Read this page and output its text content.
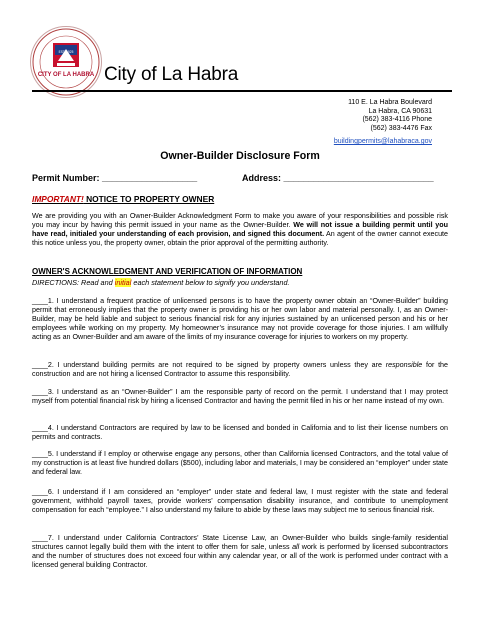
CITY OF LA HABRA
EST. 1925
City of La Habra
110 E. La Habra Boulevard
La Habra, CA 90631
(562) 383-4116 Phone
(562) 383-4476 Fax
buildingpermits@lahabraca.gov
Owner-Builder Disclosure Form
Permit Number: ___________________	Address: ______________________________
IMPORTANT! NOTICE TO PROPERTY OWNER
We are providing you with an Owner-Builder Acknowledgment Form to make you aware of your responsibilities and possible risk you may incur by having this permit issued in your name as the Owner-Builder. We will not issue a building permit until you have read, initialed your understanding of each provision, and signed this document. An agent of the owner cannot execute this notice unless you, the property owner, obtain the prior approval of the permitting authority.
OWNER'S ACKNOWLEDGMENT AND VERIFICATION OF INFORMATION
DIRECTIONS: Read and initial each statement below to signify you understand.
____1. I understand a frequent practice of unlicensed persons is to have the property owner obtain an “Owner-Builder” building permit that erroneously implies that the property owner is providing his or her own labor and material personally. I, as an Owner-Builder, may be held liable and subject to serious financial risk for any injuries sustained by an unlicensed person and his or her employees while working on my property. My homeowner’s insurance may not provide coverage for those injuries. I am willfully acting as an Owner-Builder and am aware of the limits of my insurance coverage for injuries to workers on my property.
____2. I understand building permits are not required to be signed by property owners unless they are responsible for the construction and are not hiring a licensed Contractor to assume this responsibility.
____3. I understand as an “Owner-Builder” I am the responsible party of record on the permit. I understand that I may protect myself from potential financial risk by hiring a licensed Contractor and having the permit filed in his or her name instead of my own.
____4. I understand Contractors are required by law to be licensed and bonded in California and to list their license numbers on permits and contracts.
____5. I understand if I employ or otherwise engage any persons, other than California licensed Contractors, and the total value of my construction is at least five hundred dollars ($500), including labor and materials, I may be considered an “employer” under state and federal law.
____6. I understand if I am considered an “employer” under state and federal law, I must register with the state and federal government, withhold payroll taxes, provide workers’ compensation disability insurance, and contribute to unemployment compensation for each “employee.” I also understand my failure to abide by these laws may subject me to serious financial risk.
____7. I understand under California Contractors’ State License Law, an Owner-Builder who builds single-family residential structures cannot legally build them with the intent to offer them for sale, unless all work is performed by licensed subcontractors and the number of structures does not exceed four within any calendar year, or all of the work is performed under contract with a licensed general building Contractor.
